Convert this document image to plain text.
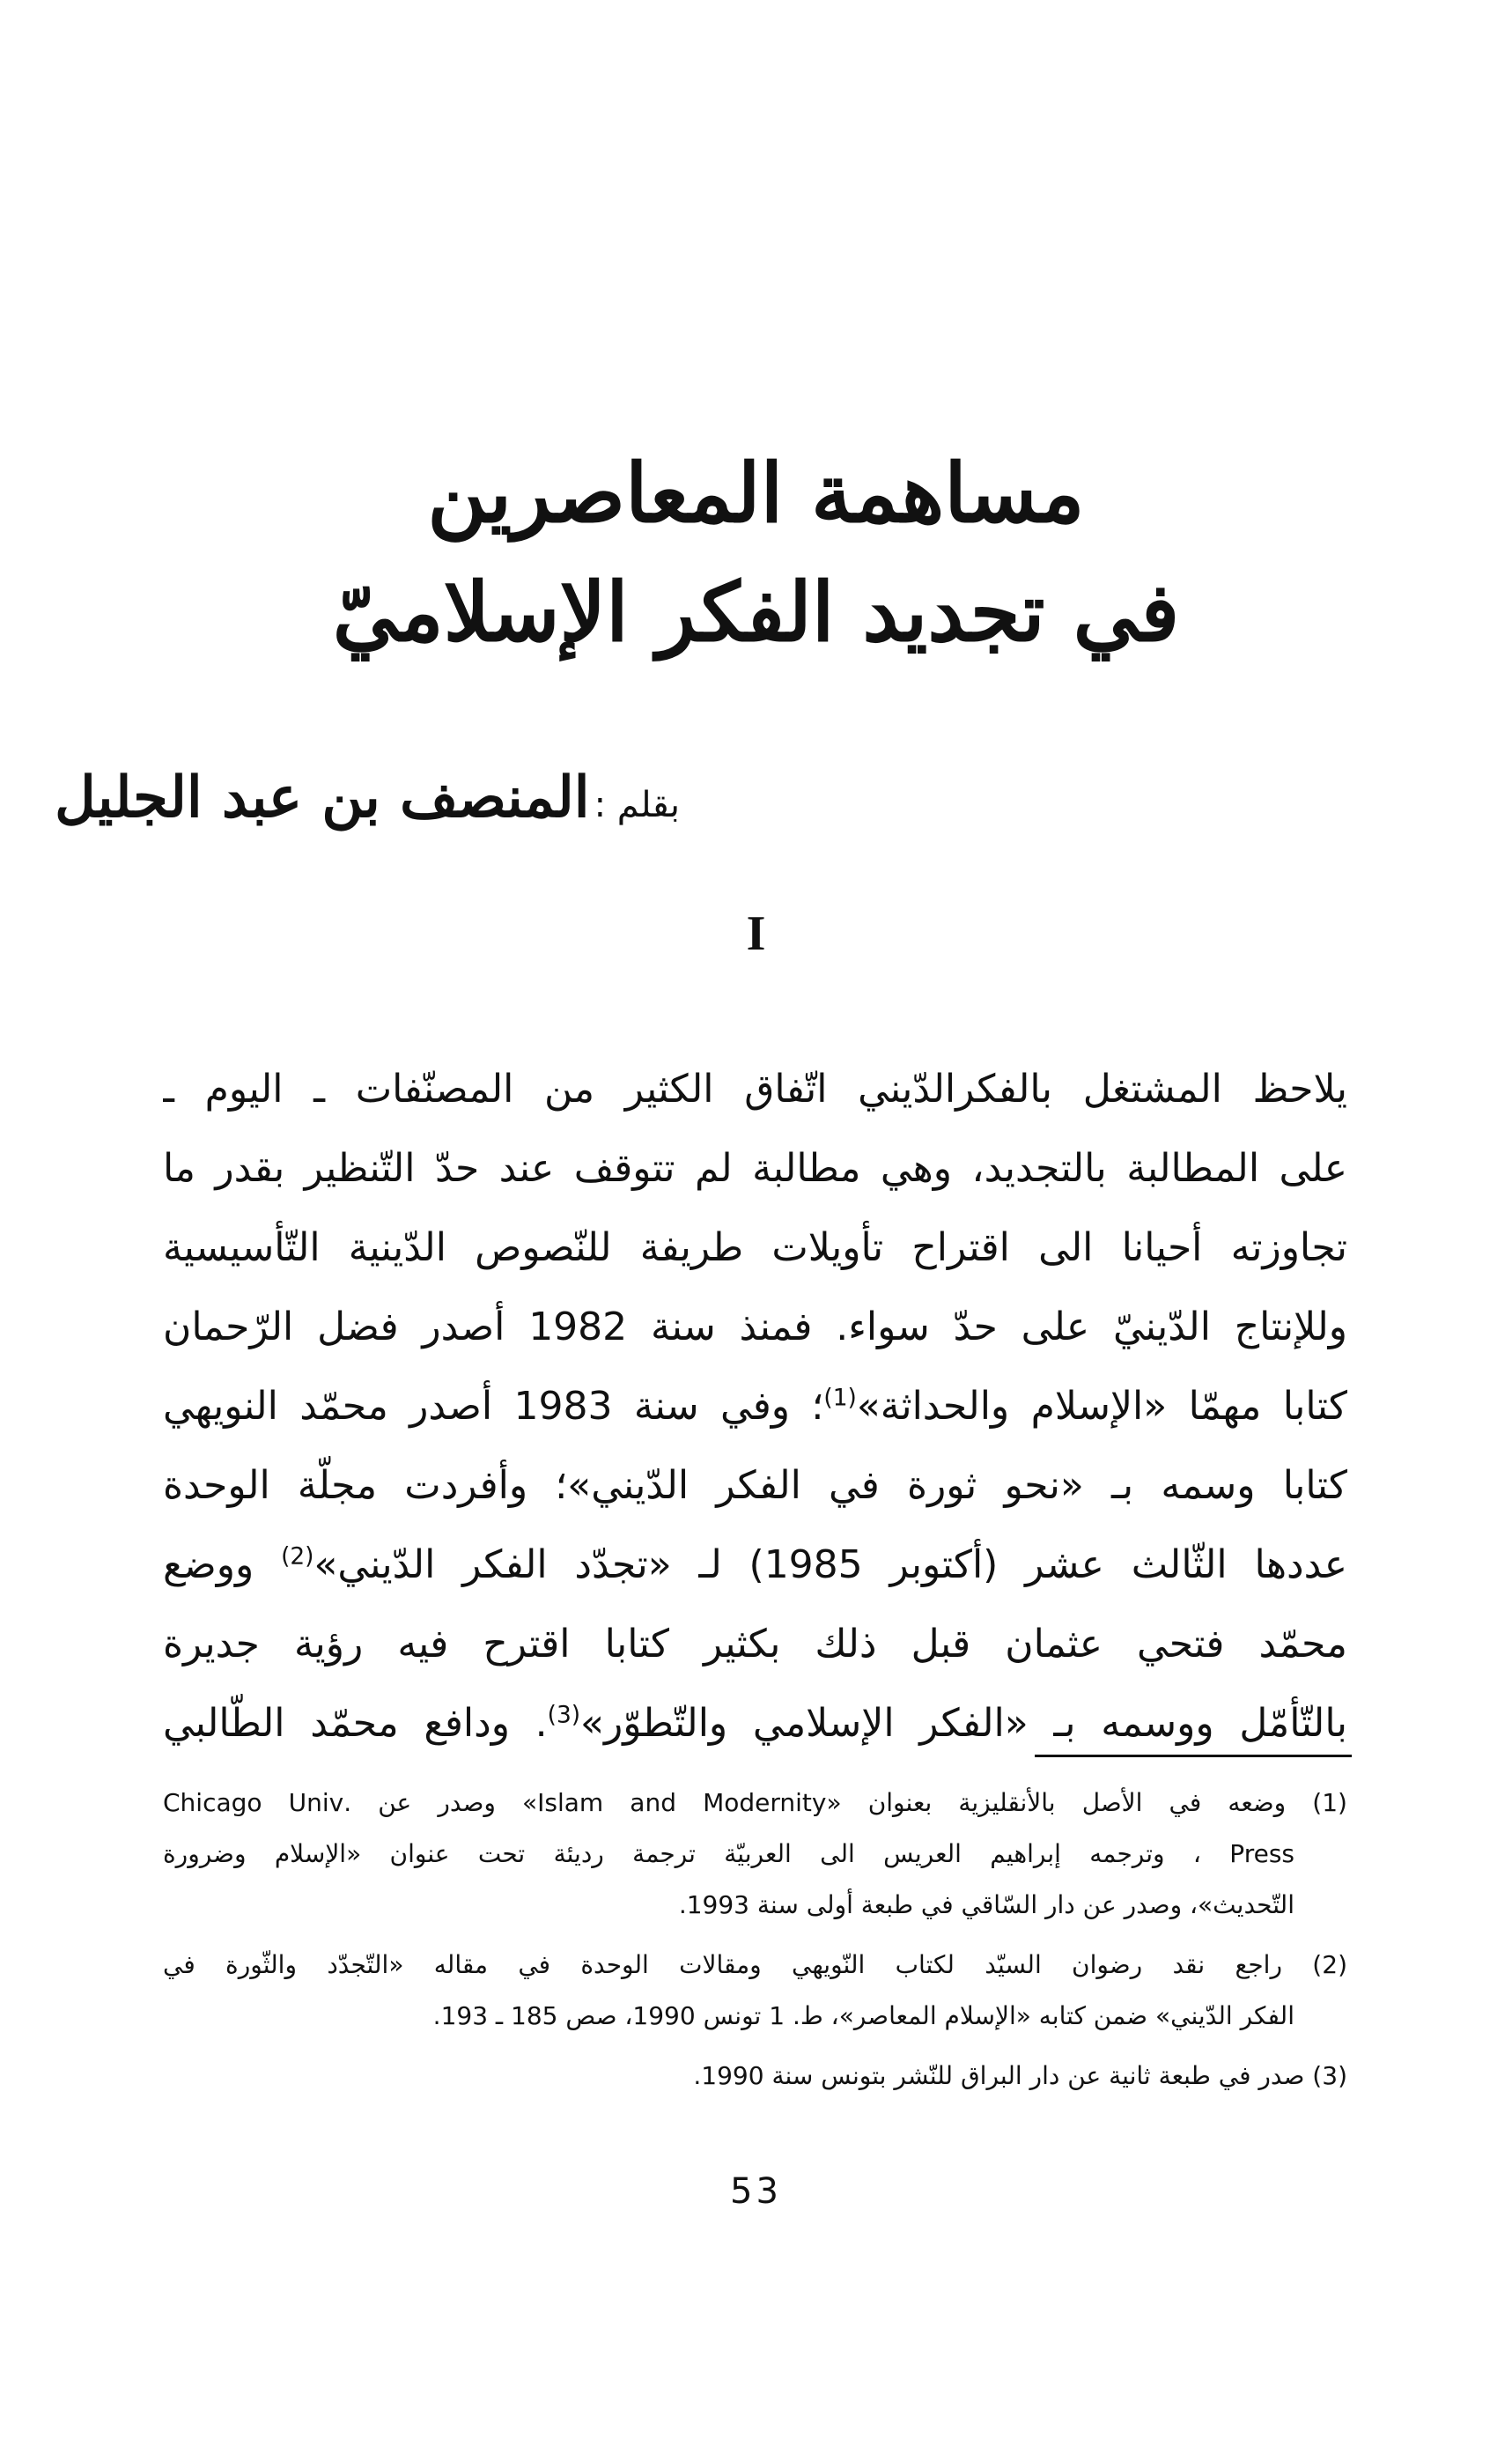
مساهمة المعاصرين
في تجديد الفكر الإسلاميّ
بقلم : المنصف بن عبد الجليل
I
يلاحظ المشتغل بالفكرالدّيني اتّفاق الكثير من المصنّفات ـ اليوم ـ
على المطالبة بالتجديد، وهي مطالبة لم تتوقف عند حدّ التّنظير بقدر ما
تجاوزته أحيانا الى اقتراح تأويلات طريفة للنّصوص الدّينية التّأسيسية
وللإنتاج الدّينيّ على حدّ سواء. فمنذ سنة 1982 أصدر فضل الرّحمان
كتابا مهمّا «الإسلام والحداثة»$^{(1)}$؛ وفي سنة 1983 أصدر محمّد النويهي
كتابا وسمه بـ «نحو ثورة في الفكر الدّيني»؛ وأفردت مجلّة الوحدة
عددها الثّالث عشر (أكتوبر 1985) لـ «تجدّد الفكر الدّيني»$^{(2)}$ ووضع
محمّد فتحي عثمان قبل ذلك بكثير كتابا اقترح فيه رؤية جديرة
بالتّأمّل ووسمه بـ «الفكر الإسلامي والتّطوّر»$^{(3)}$. ودافع محمّد الطّالبي
(1) وضعه في الأصل بالأنقليزية بعنوان «Islam and Modernity» وصدر عن .Chicago Univ
Press ، وترجمه إبراهيم العريس الى العربيّة ترجمة رديئة تحت عنوان «الإسلام وضرورة
التّحديث»، وصدر عن دار السّاقي في طبعة أولى سنة 1993.
(2) راجع نقد رضوان السيّد لكتاب النّويهي ومقالات الوحدة في مقاله «التّجدّد والثّورة في
الفكر الدّيني» ضمن كتابه «الإسلام المعاصر»، ط. 1 تونس 1990، صص 185 ـ 193.
(3) صدر في طبعة ثانية عن دار البراق للنّشر بتونس سنة 1990.
53
